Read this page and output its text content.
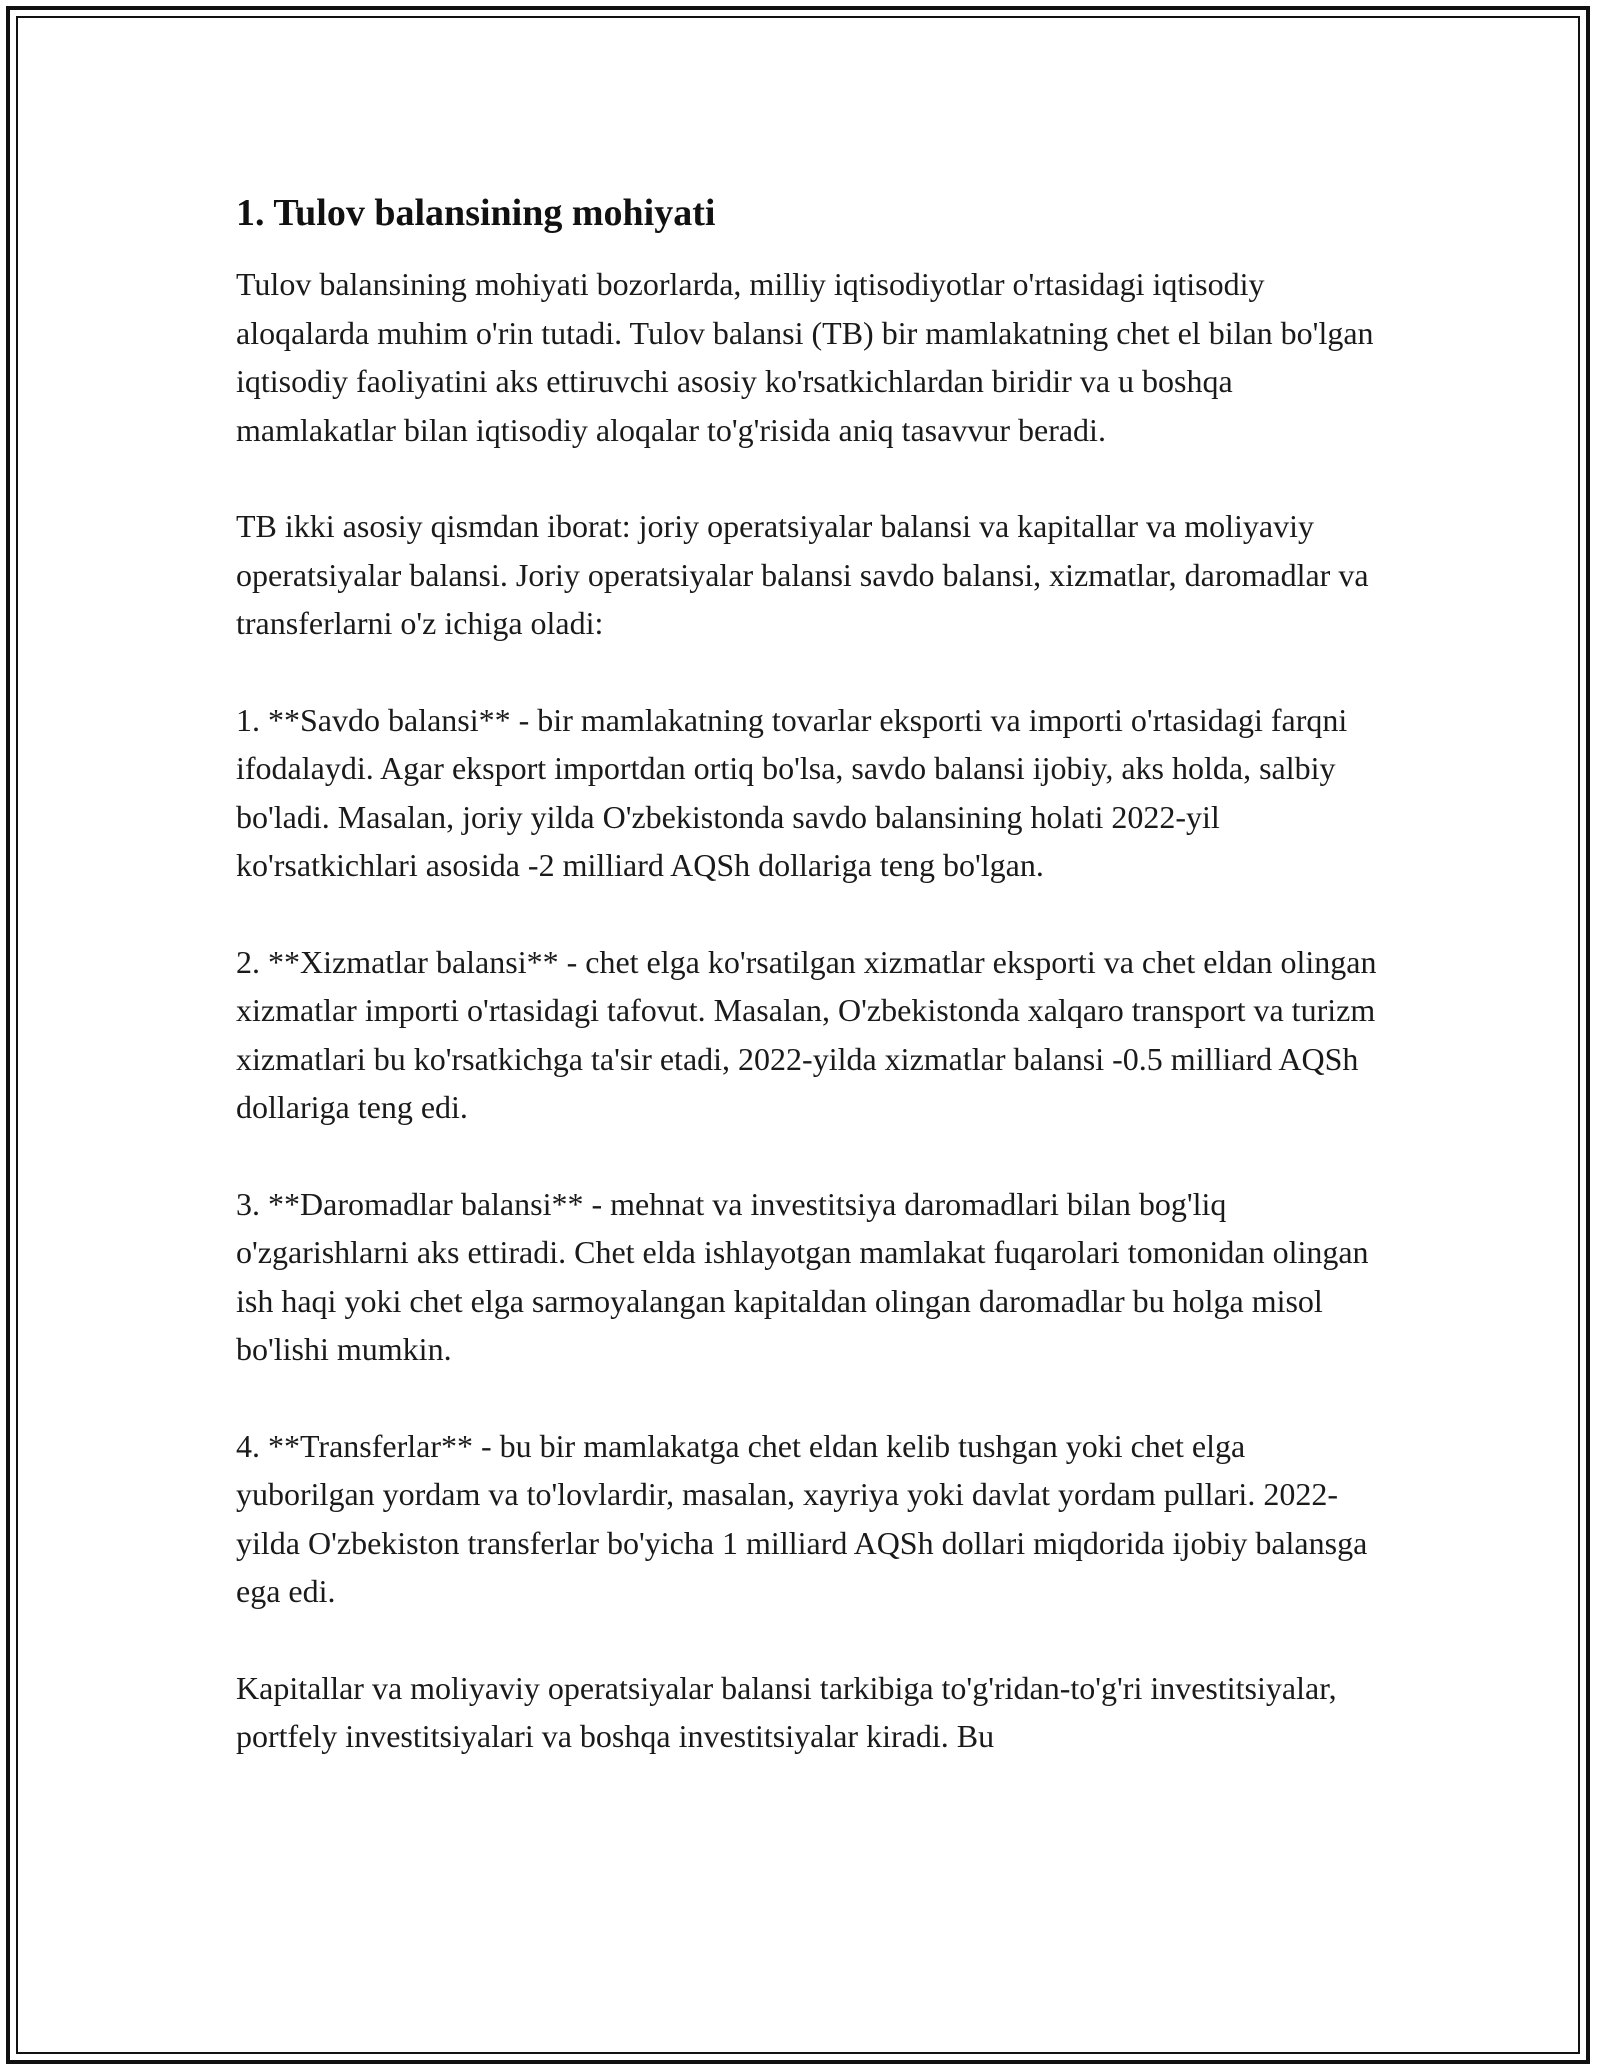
1. Tulov balansining mohiyati

Tulov balansining mohiyati bozorlarda, milliy iqtisodiyotlar o'rtasidagi iqtisodiy aloqalarda muhim o'rin tutadi. Tulov balansi (TB) bir mamlakatning chet el bilan bo'lgan iqtisodiy faoliyatini aks ettiruvchi asosiy ko'rsatkichlardan biridir va u boshqa mamlakatlar bilan iqtisodiy aloqalar to'g'risida aniq tasavvur beradi.

TB ikki asosiy qismdan iborat: joriy operatsiyalar balansi va kapitallar va moliyaviy operatsiyalar balansi. Joriy operatsiyalar balansi savdo balansi, xizmatlar, daromadlar va transferlarni o'z ichiga oladi:

1. **Savdo balansi** - bir mamlakatning tovarlar eksporti va importi o'rtasidagi farqni ifodalaydi. Agar eksport importdan ortiq bo'lsa, savdo balansi ijobiy, aks holda, salbiy bo'ladi. Masalan, joriy yilda O'zbekistonda savdo balansining holati 2022-yil ko'rsatkichlari asosida -2 milliard AQSh dollariga teng bo'lgan.

2. **Xizmatlar balansi** - chet elga ko'rsatilgan xizmatlar eksporti va chet eldan olingan xizmatlar importi o'rtasidagi tafovut. Masalan, O'zbekistonda xalqaro transport va turizm xizmatlari bu ko'rsatkichga ta'sir etadi, 2022-yilda xizmatlar balansi -0.5 milliard AQSh dollariga teng edi.

3. **Daromadlar balansi** - mehnat va investitsiya daromadlari bilan bog'liq o'zgarishlarni aks ettiradi. Chet elda ishlayotgan mamlakat fuqarolari tomonidan olingan ish haqi yoki chet elga sarmoyalangan kapitaldan olingan daromadlar bu holga misol bo'lishi mumkin.

4. **Transferlar** - bu bir mamlakatga chet eldan kelib tushgan yoki chet elga yuborilgan yordam va to'lovlardir, masalan, xayriya yoki davlat yordam pullari. 2022-yilda O'zbekiston transferlar bo'yicha 1 milliard AQSh dollari miqdorida ijobiy balansga ega edi.

Kapitallar va moliyaviy operatsiyalar balansi tarkibiga to'g'ridan-to'g'ri investitsiyalar, portfely investitsiyalari va boshqa investitsiyalar kiradi. Bu
